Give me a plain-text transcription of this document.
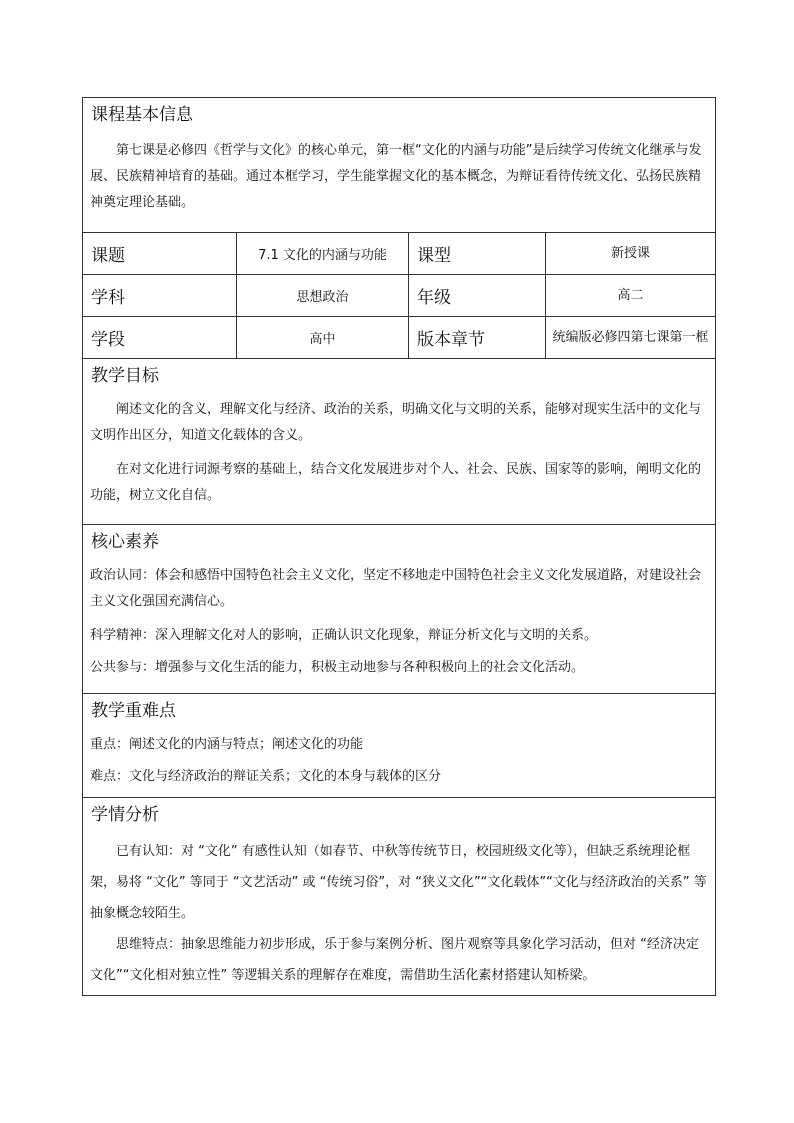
课程基本信息
第七课是必修四《哲学与文化》的核心单元，第一框“文化的内涵与功能”是后续学习传统文化继承与发展、民族精神培育的基础。通过本框学习，学生能掌握文化的基本概念，为辩证看待传统文化、弘扬民族精神奠定理论基础。
课题	7.1 文化的内涵与功能	课型	新授课
学科	思想政治	年级	高二
学段	高中	版本章节	统编版必修四第七课第一框
教学目标
阐述文化的含义，理解文化与经济、政治的关系，明确文化与文明的关系，能够对现实生活中的文化与文明作出区分，知道文化载体的含义。
在对文化进行词源考察的基础上，结合文化发展进步对个人、社会、民族、国家等的影响，阐明文化的功能，树立文化自信。
核心素养
政治认同：体会和感悟中国特色社会主义文化，坚定不移地走中国特色社会主义文化发展道路，对建设社会主义文化强国充满信心。
科学精神：深入理解文化对人的影响，正确认识文化现象，辩证分析文化与文明的关系。
公共参与：增强参与文化生活的能力，积极主动地参与各种积极向上的社会文化活动。
教学重难点
重点：阐述文化的内涵与特点；阐述文化的功能
难点：文化与经济政治的辩证关系；文化的本身与载体的区分
学情分析
已有认知：对 “文化” 有感性认知（如春节、中秋等传统节日，校园班级文化等），但缺乏系统理论框架，易将 “文化” 等同于 “文艺活动” 或 “传统习俗”，对 “狭义文化”“文化载体”“文化与经济政治的关系” 等抽象概念较陌生。
思维特点：抽象思维能力初步形成，乐于参与案例分析、图片观察等具象化学习活动，但对 “经济决定文化”“文化相对独立性” 等逻辑关系的理解存在难度，需借助生活化素材搭建认知桥梁。
